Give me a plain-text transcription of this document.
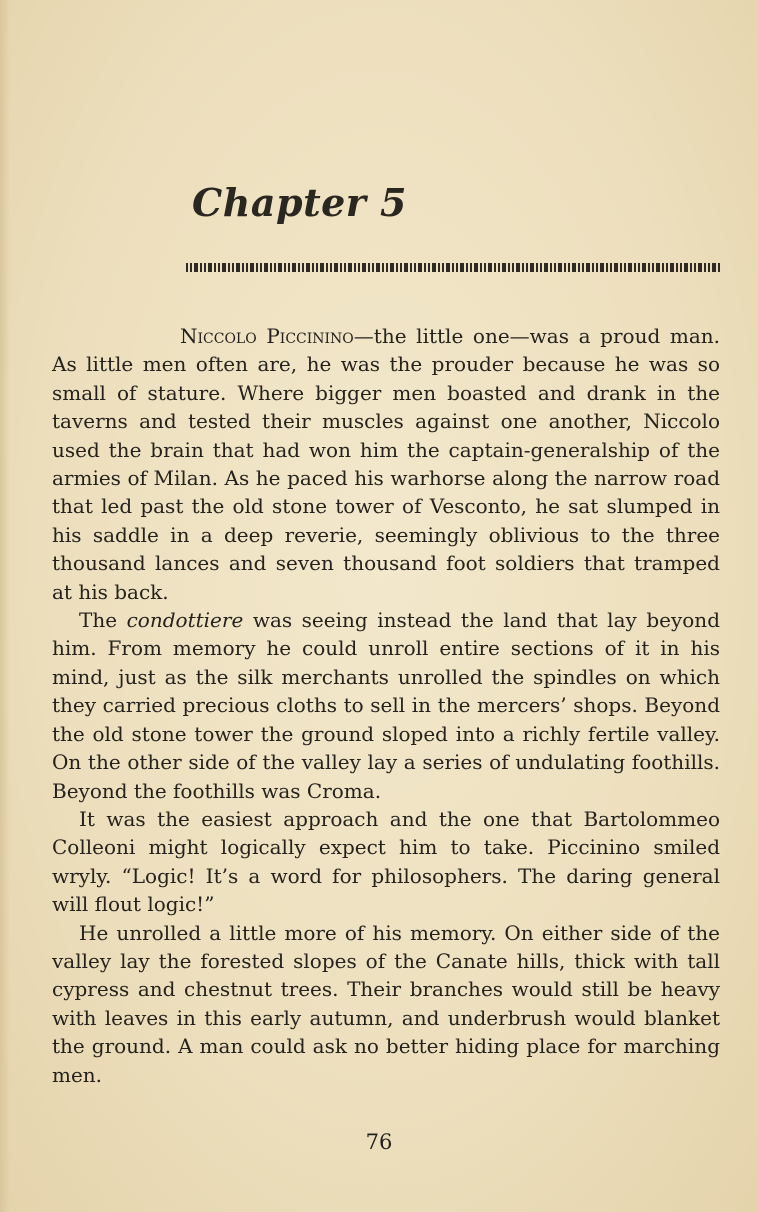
Chapter 5

Niccolo Piccinino—the little one—was a proud man. As little men often are, he was the prouder because he was so small of stature. Where bigger men boasted and drank in the taverns and tested their muscles against one another, Niccolo used the brain that had won him the captain-generalship of the armies of Milan. As he paced his warhorse along the narrow road that led past the old stone tower of Vesconto, he sat slumped in his saddle in a deep reverie, seemingly oblivious to the three thousand lances and seven thousand foot soldiers that tramped at his back.

The condottiere was seeing instead the land that lay beyond him. From memory he could unroll entire sections of it in his mind, just as the silk merchants unrolled the spindles on which they carried precious cloths to sell in the mercers’ shops. Beyond the old stone tower the ground sloped into a richly fertile valley. On the other side of the valley lay a series of undulating foothills. Beyond the foothills was Croma.

It was the easiest approach and the one that Bartolommeo Colleoni might logically expect him to take. Piccinino smiled wryly. “Logic! It’s a word for philosophers. The daring general will flout logic!”

He unrolled a little more of his memory. On either side of the valley lay the forested slopes of the Canate hills, thick with tall cypress and chestnut trees. Their branches would still be heavy with leaves in this early autumn, and underbrush would blanket the ground. A man could ask no better hiding place for marching men.

76
